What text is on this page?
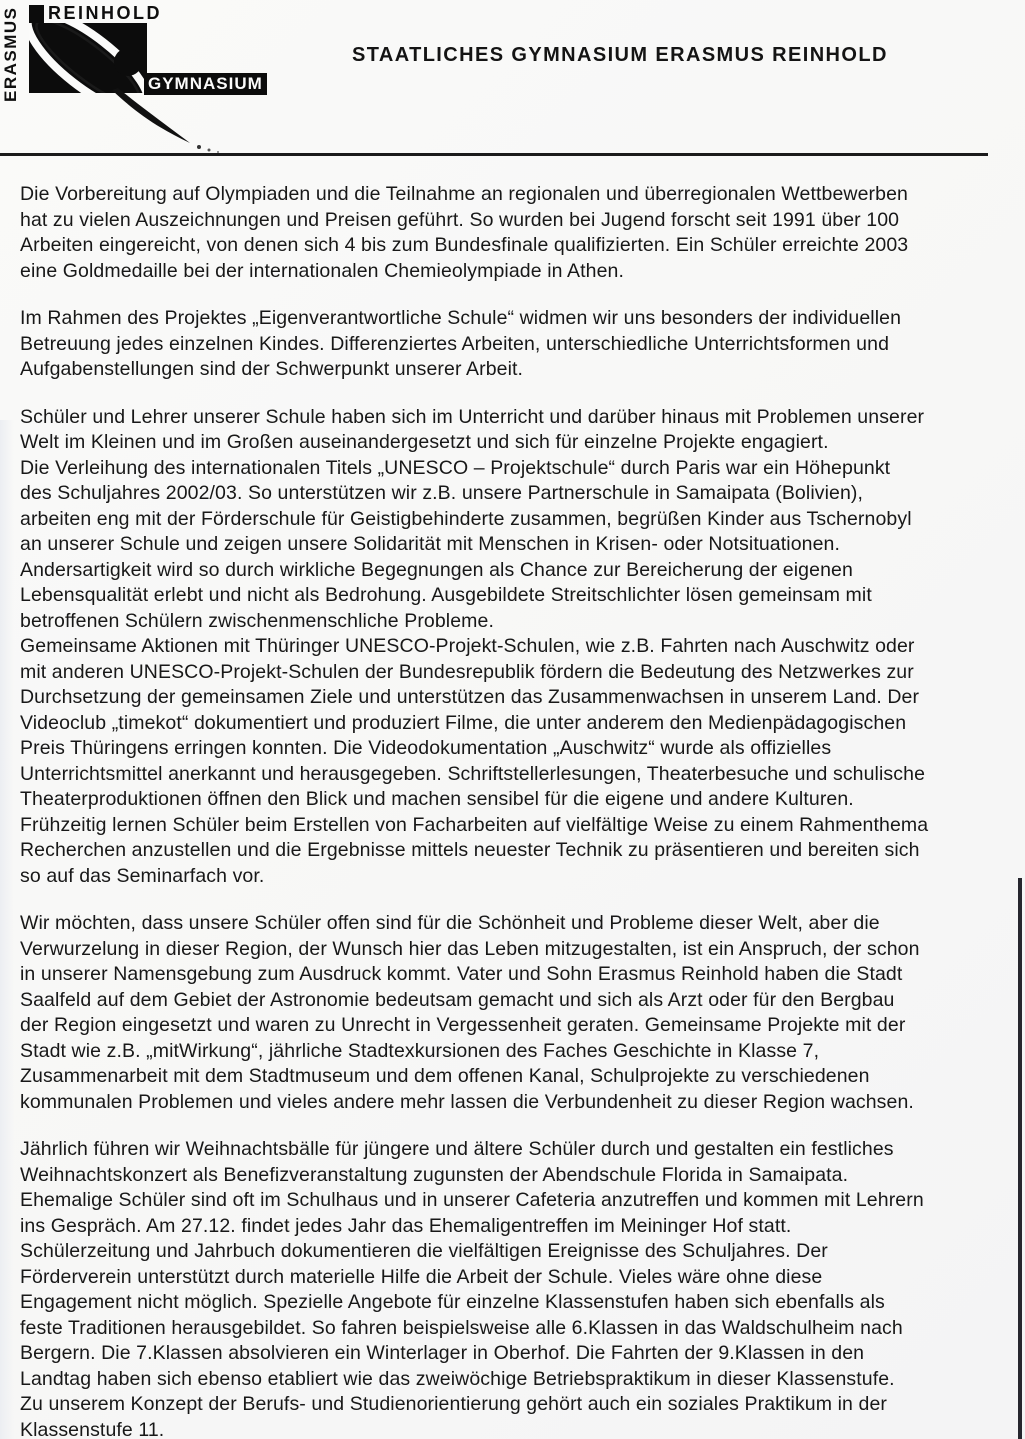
ERASMUS REINHOLD
GYMNASIUM
STAATLICHES GYMNASIUM ERASMUS REINHOLD
Die Vorbereitung auf Olympiaden und die Teilnahme an regionalen und überregionalen Wettbewerben
hat zu vielen Auszeichnungen und Preisen geführt. So wurden bei Jugend forscht seit 1991 über 100
Arbeiten eingereicht, von denen sich 4 bis zum Bundesfinale qualifizierten. Ein Schüler erreichte 2003
eine Goldmedaille bei der internationalen Chemieolympiade in Athen.
Im Rahmen des Projektes „Eigenverantwortliche Schule“ widmen wir uns besonders der individuellen
Betreuung jedes einzelnen Kindes. Differenziertes Arbeiten, unterschiedliche Unterrichtsformen und
Aufgabenstellungen sind der Schwerpunkt unserer Arbeit.
Schüler und Lehrer unserer Schule haben sich im Unterricht und darüber hinaus mit Problemen unserer
Welt im Kleinen und im Großen auseinandergesetzt und sich für einzelne Projekte engagiert.
Die Verleihung des internationalen Titels „UNESCO – Projektschule“ durch Paris war ein Höhepunkt
des Schuljahres 2002/03. So unterstützen wir z.B. unsere Partnerschule in Samaipata (Bolivien),
arbeiten eng mit der Förderschule für Geistigbehinderte zusammen, begrüßen Kinder aus Tschernobyl
an unserer Schule und zeigen unsere Solidarität mit Menschen in Krisen- oder Notsituationen.
Andersartigkeit wird so durch wirkliche Begegnungen als Chance zur Bereicherung der eigenen
Lebensqualität erlebt und nicht als Bedrohung. Ausgebildete Streitschlichter lösen gemeinsam mit
betroffenen Schülern zwischenmenschliche Probleme.
Gemeinsame Aktionen mit Thüringer UNESCO-Projekt-Schulen, wie z.B. Fahrten nach Auschwitz oder
mit anderen UNESCO-Projekt-Schulen der Bundesrepublik fördern die Bedeutung des Netzwerkes zur
Durchsetzung der gemeinsamen Ziele und unterstützen das Zusammenwachsen in unserem Land. Der
Videoclub „timekot“ dokumentiert und produziert Filme, die unter anderem den Medienpädagogischen
Preis Thüringens erringen konnten. Die Videodokumentation „Auschwitz“ wurde als offizielles
Unterrichtsmittel anerkannt und herausgegeben. Schriftstellerlesungen, Theaterbesuche und schulische
Theaterproduktionen öffnen den Blick und machen sensibel für die eigene und andere Kulturen.
Frühzeitig lernen Schüler beim Erstellen von Facharbeiten auf vielfältige Weise zu einem Rahmenthema
Recherchen anzustellen und die Ergebnisse mittels neuester Technik zu präsentieren und bereiten sich
so auf das Seminarfach vor.
Wir möchten, dass unsere Schüler offen sind für die Schönheit und Probleme dieser Welt, aber die
Verwurzelung in dieser Region, der Wunsch hier das Leben mitzugestalten, ist ein Anspruch, der schon
in unserer Namensgebung zum Ausdruck kommt. Vater und Sohn Erasmus Reinhold haben die Stadt
Saalfeld auf dem Gebiet der Astronomie bedeutsam gemacht und sich als Arzt oder für den Bergbau
der Region eingesetzt und waren zu Unrecht in Vergessenheit geraten. Gemeinsame Projekte mit der
Stadt wie z.B. „mitWirkung“, jährliche Stadtexkursionen des Faches Geschichte in Klasse 7,
Zusammenarbeit mit dem Stadtmuseum und dem offenen Kanal, Schulprojekte zu verschiedenen
kommunalen Problemen und vieles andere mehr lassen die Verbundenheit zu dieser Region wachsen.
Jährlich führen wir Weihnachtsbälle für jüngere und ältere Schüler durch und gestalten ein festliches
Weihnachtskonzert als Benefizveranstaltung zugunsten der Abendschule Florida in Samaipata.
Ehemalige Schüler sind oft im Schulhaus und in unserer Cafeteria anzutreffen und kommen mit Lehrern
ins Gespräch. Am 27.12. findet jedes Jahr das Ehemaligentreffen im Meininger Hof statt.
Schülerzeitung und Jahrbuch dokumentieren die vielfältigen Ereignisse des Schuljahres. Der
Förderverein unterstützt durch materielle Hilfe die Arbeit der Schule. Vieles wäre ohne diese
Engagement nicht möglich. Spezielle Angebote für einzelne Klassenstufen haben sich ebenfalls als
feste Traditionen herausgebildet. So fahren beispielsweise alle 6.Klassen in das Waldschulheim nach
Bergern. Die 7.Klassen absolvieren ein Winterlager in Oberhof. Die Fahrten der 9.Klassen in den
Landtag haben sich ebenso etabliert wie das zweiwöchige Betriebspraktikum in dieser Klassenstufe.
Zu unserem Konzept der Berufs- und Studienorientierung gehört auch ein soziales Praktikum in der
Klassenstufe 11.
